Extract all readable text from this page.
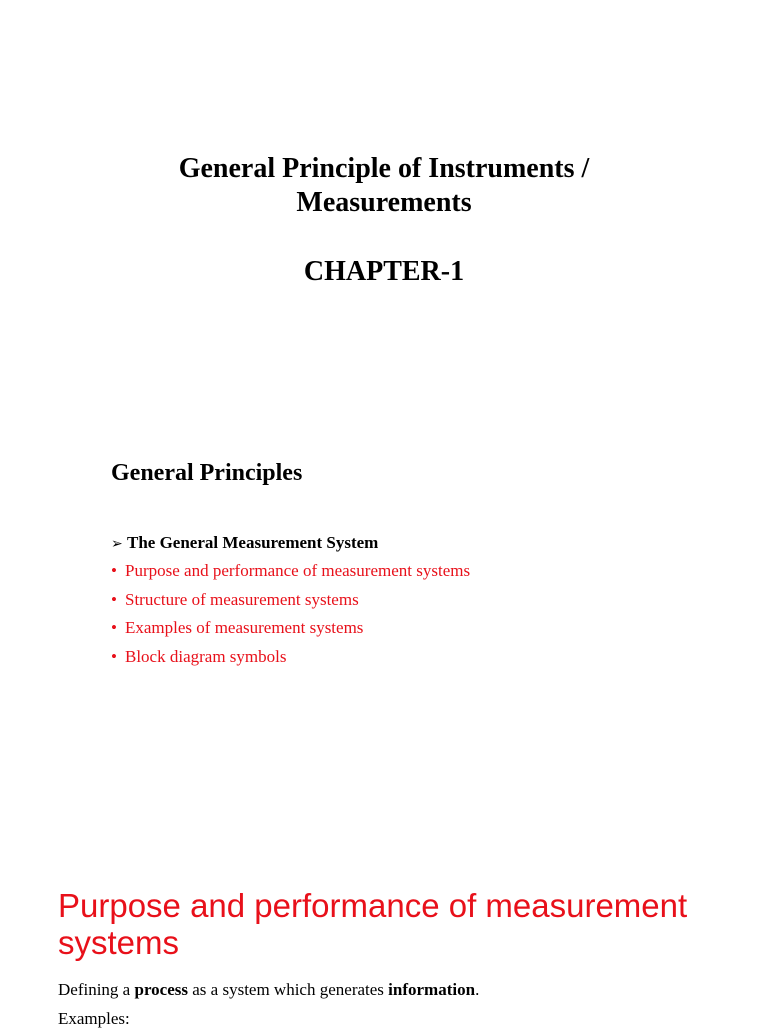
General Principle of Instruments /
Measurements
CHAPTER-1
General Principles
➢ The General Measurement System
• Purpose and performance of measurement systems
• Structure of measurement systems
• Examples of measurement systems
• Block diagram symbols
Purpose and performance of measurement systems
Defining a process as a system which generates information.
Examples:
